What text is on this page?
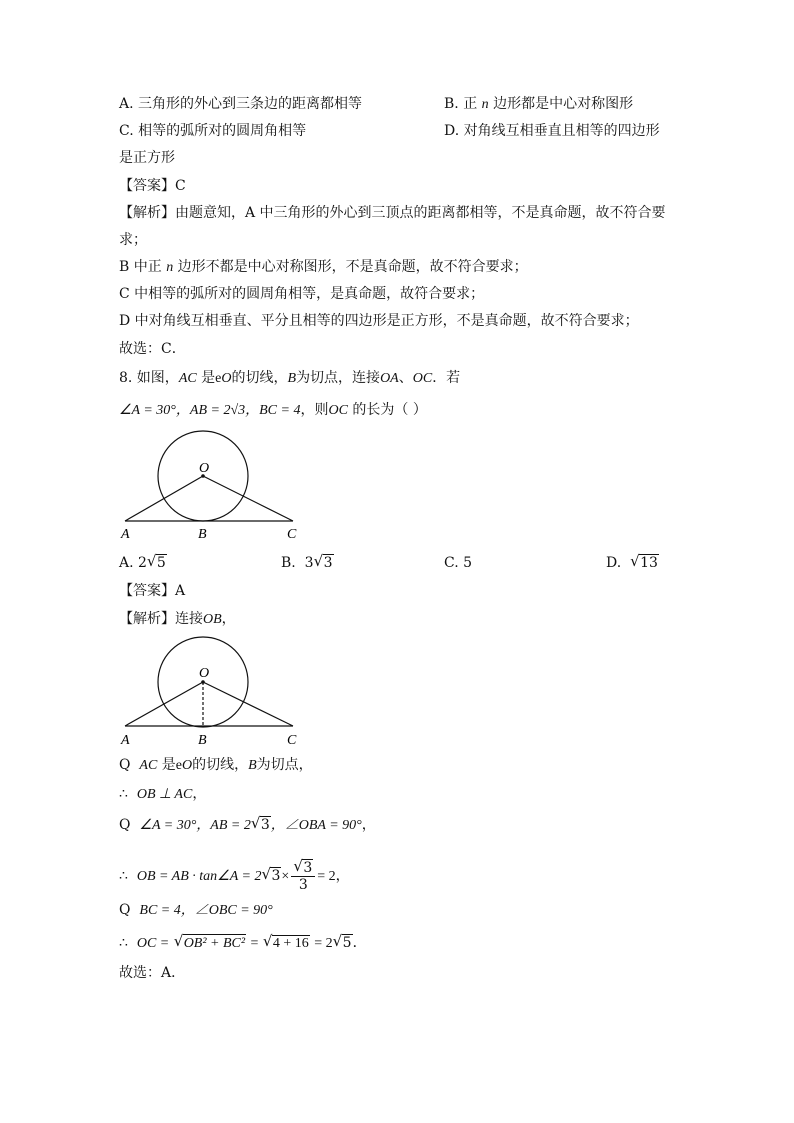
A. 三角形的外心到三条边的距离都相等	B. 正 n 边形都是中心对称图形
C. 相等的弧所对的圆周角相等	D. 对角线互相垂直且相等的四边形
是正方形
【答案】C
【解析】由题意知，A 中三角形的外心到三顶点的距离都相等，不是真命题，故不符合要
求；
B 中正 n 边形不都是中心对称图形，不是真命题，故不符合要求；
C 中相等的弧所对的圆周角相等，是真命题，故符合要求；
D 中对角线互相垂直、平分且相等的四边形是正方形，不是真命题，故不符合要求；
故选：C．
8. 如图，AC 是eO的切线，B为切点，连接OA、OC．若
∠A = 30°，AB = 2√3，BC = 4，则OC 的长为（ ）
O
A	B	C
A. 2 √ 5	B. 3 √ 3	C. 5	D. √ 13
【答案】A
【解析】连接OB，
O
A	B	C
Q AC 是eO的切线，B为切点，
∴ OB ⊥ AC，
Q ∠A = 30°，AB = 2 √ 3，∠OBA = 90°，
∴ OB = AB · tan∠A = 2 √ 3× √ $\frac{3}{3} = 2$，
Q BC = 4，∠OBC = 90°
∴ OC = √ OB² + BC² = √ 4 + 16 = 2 √ 5．
故选：A．
